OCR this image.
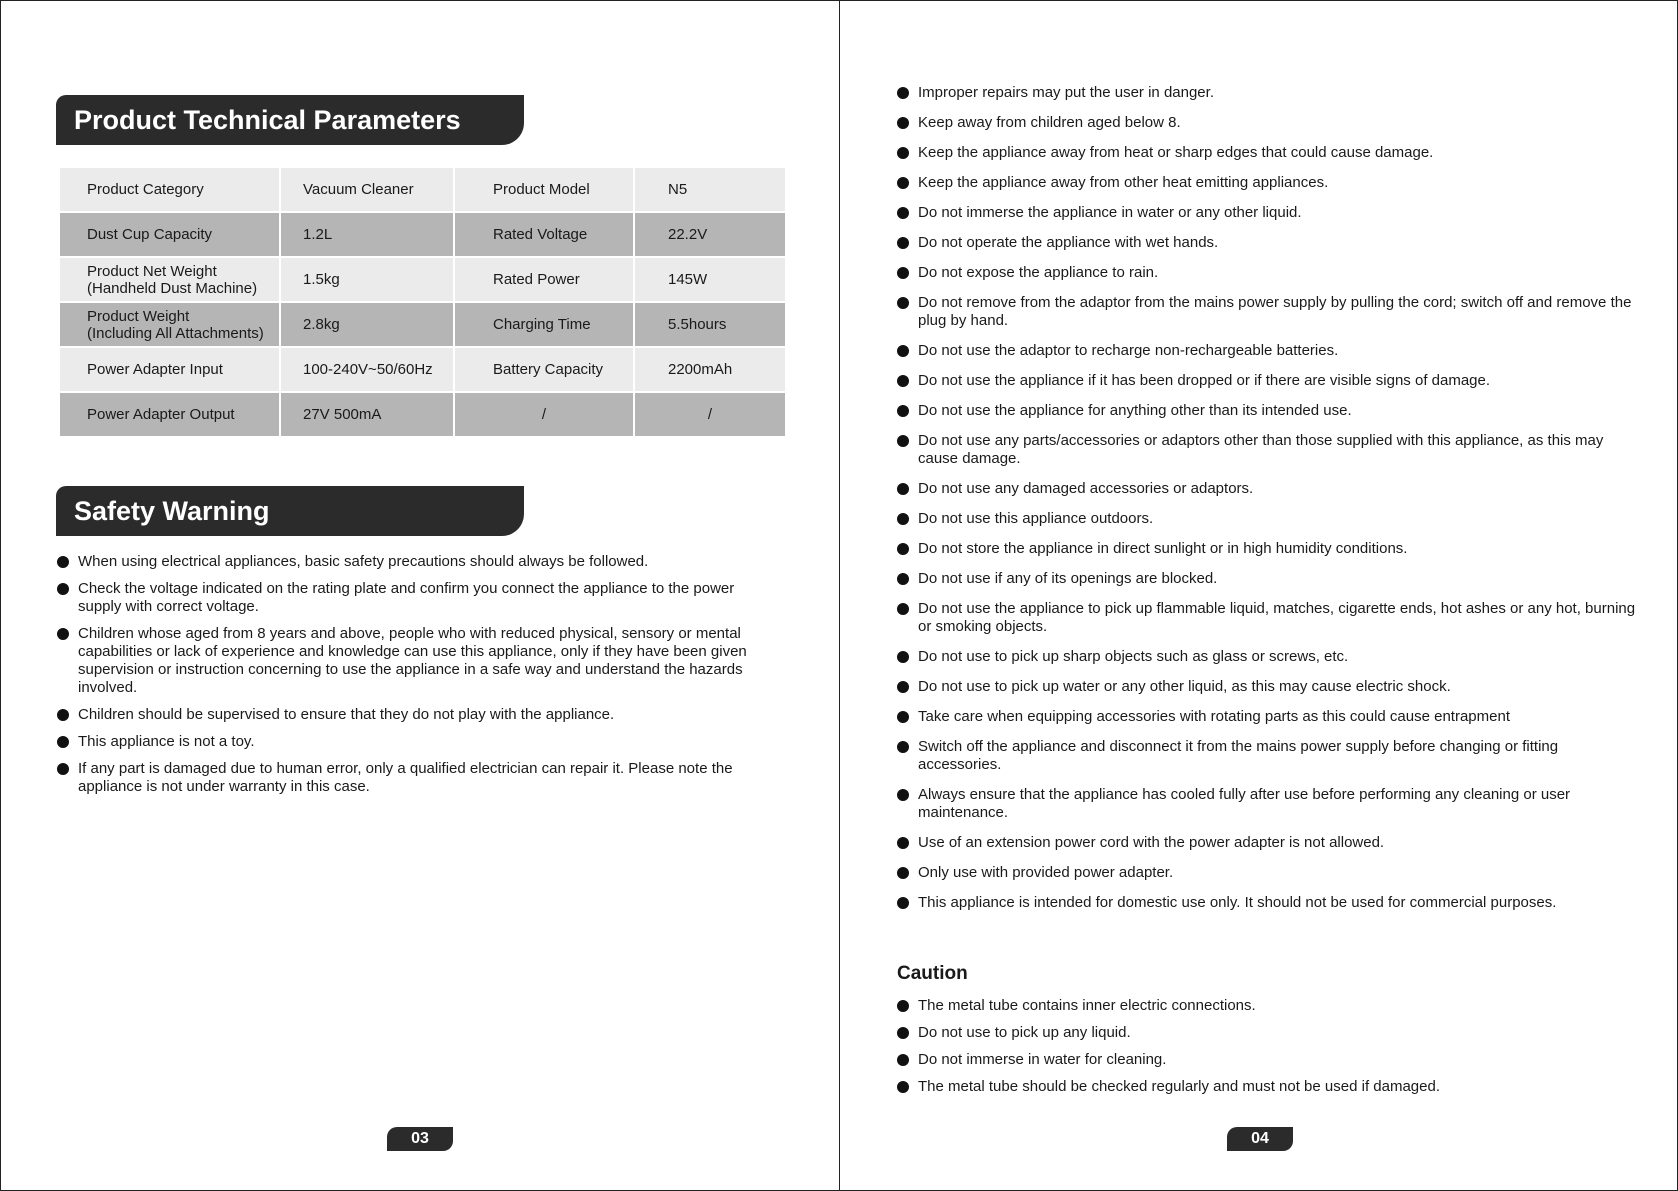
Product Technical Parameters
Product Category	Vacuum Cleaner	Product Model	N5
Dust Cup Capacity	1.2L	Rated Voltage	22.2V
Product Net Weight
(Handheld Dust Machine)	1.5kg	Rated Power	145W
Product Weight
(Including All Attachments)	2.8kg	Charging Time	5.5hours
Power Adapter Input	100-240V~50/60Hz	Battery Capacity	2200mAh
Power Adapter Output	27V 500mA	/	/
Safety Warning
When using electrical appliances, basic safety precautions should always be followed.
Check the voltage indicated on the rating plate and confirm you connect the appliance to the power supply with correct voltage.
Children whose aged from 8 years and above, people who with reduced physical, sensory or mental capabilities or lack of experience and knowledge can use this appliance, only if they have been given supervision or instruction concerning to use the appliance in a safe way and understand the hazards involved.
Children should be supervised to ensure that they do not play with the appliance.
This appliance is not a toy.
If any part is damaged due to human error, only a qualified electrician can repair it. Please note the appliance is not under warranty in this case.
03
Improper repairs may put the user in danger.
Keep away from children aged below 8.
Keep the appliance away from heat or sharp edges that could cause damage.
Keep the appliance away from other heat emitting appliances.
Do not immerse the appliance in water or any other liquid.
Do not operate the appliance with wet hands.
Do not expose the appliance to rain.
Do not remove from the adaptor from the mains power supply by pulling the cord; switch off and remove the plug by hand.
Do not use the adaptor to recharge non-rechargeable batteries.
Do not use the appliance if it has been dropped or if there are visible signs of damage.
Do not use the appliance for anything other than its intended use.
Do not use any parts/accessories or adaptors other than those supplied with this appliance, as this may cause damage.
Do not use any damaged accessories or adaptors.
Do not use this appliance outdoors.
Do not store the appliance in direct sunlight or in high humidity conditions.
Do not use if any of its openings are blocked.
Do not use the appliance to pick up flammable liquid, matches, cigarette ends, hot ashes or any hot, burning or smoking objects.
Do not use to pick up sharp objects such as glass or screws, etc.
Do not use to pick up water or any other liquid, as this may cause electric shock.
Take care when equipping accessories with rotating parts as this could cause entrapment
Switch off the appliance and disconnect it from the mains power supply before changing or fitting accessories.
Always ensure that the appliance has cooled fully after use before performing any cleaning or user maintenance.
Use of an extension power cord with the power adapter is not allowed.
Only use with provided power adapter.
This appliance is intended for domestic use only. It should not be used for commercial purposes.
Caution
The metal tube contains inner electric connections.
Do not use to pick up any liquid.
Do not immerse in water for cleaning.
The metal tube should be checked regularly and must not be used if damaged.
04
